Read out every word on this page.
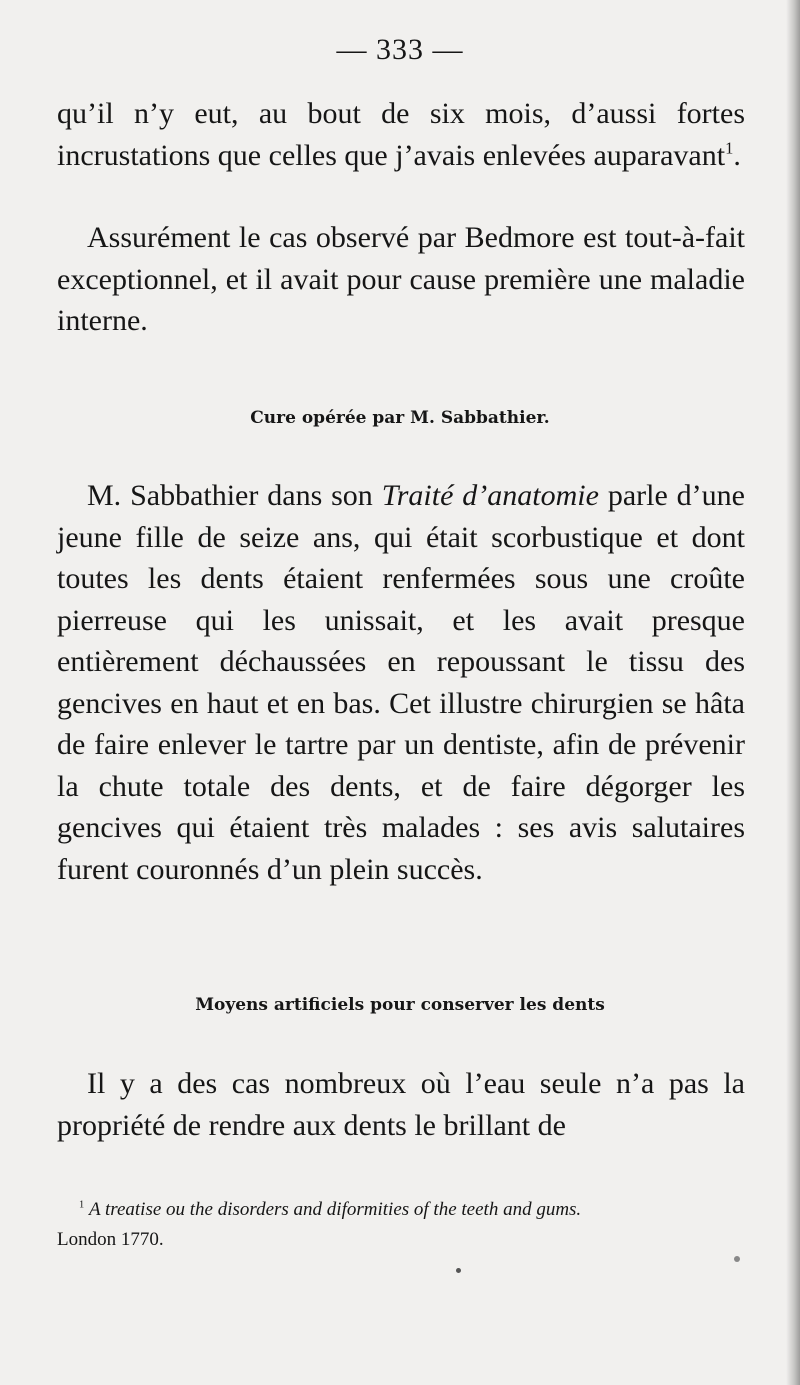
— 333 —

qu’il n’y eut, au bout de six mois, d’aussi fortes incrustations que celles que j’avais enlevées auparavant$^1$.

Assurément le cas observé par Bedmore est tout-à-fait exceptionnel, et il avait pour cause première une maladie interne.

Cure opérée par M. Sabbathier.

M. Sabbathier dans son Traité d’anatomie parle d’une jeune fille de seize ans, qui était scorbustique et dont toutes les dents étaient renfermées sous une croûte pierreuse qui les unissait, et les avait presque entièrement déchaussées en repoussant le tissu des gencives en haut et en bas. Cet illustre chirurgien se hâta de faire enlever le tartre par un dentiste, afin de prévenir la chute totale des dents, et de faire dégorger les gencives qui étaient très malades : ses avis salutaires furent couronnés d’un plein succès.

Moyens artificiels pour conserver les dents

Il y a des cas nombreux où l’eau seule n’a pas la propriété de rendre aux dents le brillant de

$^1$ A treatise ou the disorders and diformities of the teeth and gums.
London 1770.
